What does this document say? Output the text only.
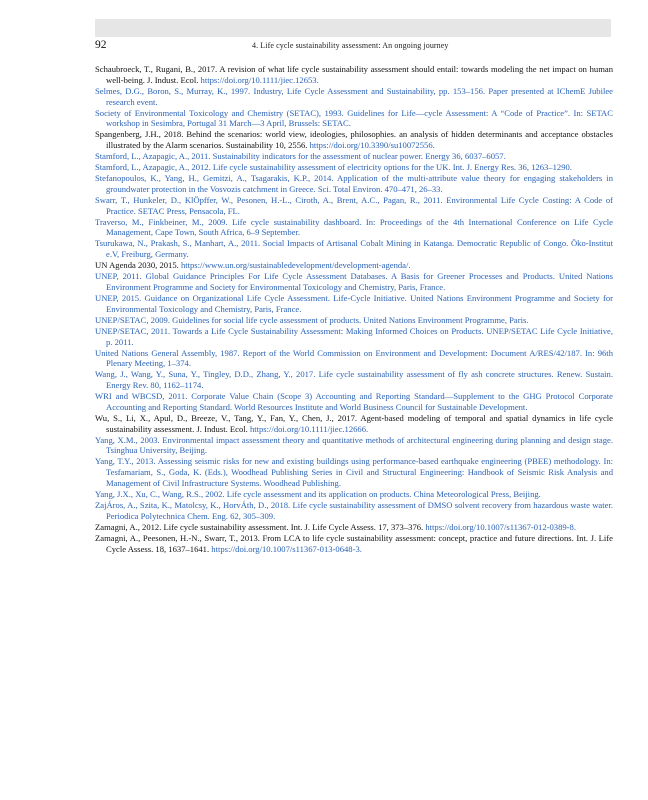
92	4. Life cycle sustainability assessment: An ongoing journey
Schaubroeck, T., Rugani, B., 2017. A revision of what life cycle sustainability assessment should entail: towards modeling the net impact on human well-being. J. Indust. Ecol. https://doi.org/10.1111/jiec.12653.
Selmes, D.G., Boron, S., Murray, K., 1997. Industry, Life Cycle Assessment and Sustainability, pp. 153–156. Paper presented at IChemE Jubilee research event.
Society of Environmental Toxicology and Chemistry (SETAC), 1993. Guidelines for Life—cycle Assessment: A “Code of Practice”. In: SETAC workshop in Sesimbra, Portugal 31 March—3 April, Brussels: SETAC.
Spangenberg, J.H., 2018. Behind the scenarios: world view, ideologies, philosophies. an analysis of hidden determinants and acceptance obstacles illustrated by the Alarm scenarios. Sustainability 10, 2556. https://doi.org/10.3390/su10072556.
Stamford, L., Azapagic, A., 2011. Sustainability indicators for the assessment of nuclear power. Energy 36, 6037–6057.
Stamford, L., Azapagic, A., 2012. Life cycle sustainability assessment of electricity options for the UK. Int. J. Energy Res. 36, 1263–1290.
Stefanopoulos, K., Yang, H., Gemitzi, A., Tsagarakis, K.P., 2014. Application of the multi-attribute value theory for engaging stakeholders in groundwater protection in the Vosvozis catchment in Greece. Sci. Total Environ. 470–471, 26–33.
Swarr, T., Hunkeler, D., KlÖpffer, W., Pesonen, H.-L., Ciroth, A., Brent, A.C., Pagan, R., 2011. Environmental Life Cycle Costing: A Code of Practice. SETAC Press, Pensacola, FL.
Traverso, M., Finkbeiner, M., 2009. Life cycle sustainability dashboard. In: Proceedings of the 4th International Conference on Life Cycle Management, Cape Town, South Africa, 6–9 September.
Tsurukawa, N., Prakash, S., Manhart, A., 2011. Social Impacts of Artisanal Cobalt Mining in Katanga. Democratic Republic of Congo. Öko-Institut e.V, Freiburg, Germany.
UN Agenda 2030, 2015. https://www.un.org/sustainabledevelopment/development-agenda/.
UNEP, 2011. Global Guidance Principles For Life Cycle Assessment Databases. A Basis for Greener Processes and Products. United Nations Environment Programme and Society for Environmental Toxicology and Chemistry, Paris, France.
UNEP, 2015. Guidance on Organizational Life Cycle Assessment. Life-Cycle Initiative. United Nations Environment Programme and Society for Environmental Toxicology and Chemistry, Paris, France.
UNEP/SETAC, 2009. Guidelines for social life cycle assessment of products. United Nations Environment Programme, Paris.
UNEP/SETAC, 2011. Towards a Life Cycle Sustainability Assessment: Making Informed Choices on Products. UNEP/SETAC Life Cycle Initiative, p. 2011.
United Nations General Assembly, 1987. Report of the World Commission on Environment and Development: Document A/RES/42/187. In: 96th Plenary Meeting, 1–374.
Wang, J., Wang, Y., Suna, Y., Tingley, D.D., Zhang, Y., 2017. Life cycle sustainability assessment of fly ash concrete structures. Renew. Sustain. Energy Rev. 80, 1162–1174.
WRI and WBCSD, 2011. Corporate Value Chain (Scope 3) Accounting and Reporting Standard—Supplement to the GHG Protocol Corporate Accounting and Reporting Standard. World Resources Institute and World Business Council for Sustainable Development.
Wu, S., Li, X., Apul, D., Breeze, V., Tang, Y., Fan, Y., Chen, J., 2017. Agent-based modeling of temporal and spatial dynamics in life cycle sustainability assessment. J. Indust. Ecol. https://doi.org/10.1111/jiec.12666.
Yang, X.M., 2003. Environmental impact assessment theory and quantitative methods of architectural engineering during planning and design stage. Tsinghua University, Beijing.
Yang, T.Y., 2013. Assessing seismic risks for new and existing buildings using performance-based earthquake engineering (PBEE) methodology. In: Tesfamariam, S., Goda, K. (Eds.), Woodhead Publishing Series in Civil and Structural Engineering: Handbook of Seismic Risk Analysis and Management of Civil Infrastructure Systems. Woodhead Publishing.
Yang, J.X., Xu, C., Wang, R.S., 2002. Life cycle assessment and its application on products. China Meteorological Press, Beijing.
ZajÁros, A., Szita, K., Matolcsy, K., HorvÁth, D., 2018. Life cycle sustainability assessment of DMSO solvent recovery from hazardous waste water. Periodica Polytechnica Chem. Eng. 62, 305–309.
Zamagni, A., 2012. Life cycle sustainability assessment. Int. J. Life Cycle Assess. 17, 373–376. https://doi.org/10.1007/s11367-012-0389-8.
Zamagni, A., Peesonen, H.-N., Swarr, T., 2013. From LCA to life cycle sustainability assessment: concept, practice and future directions. Int. J. Life Cycle Assess. 18, 1637–1641. https://doi.org/10.1007/s11367-013-0648-3.
